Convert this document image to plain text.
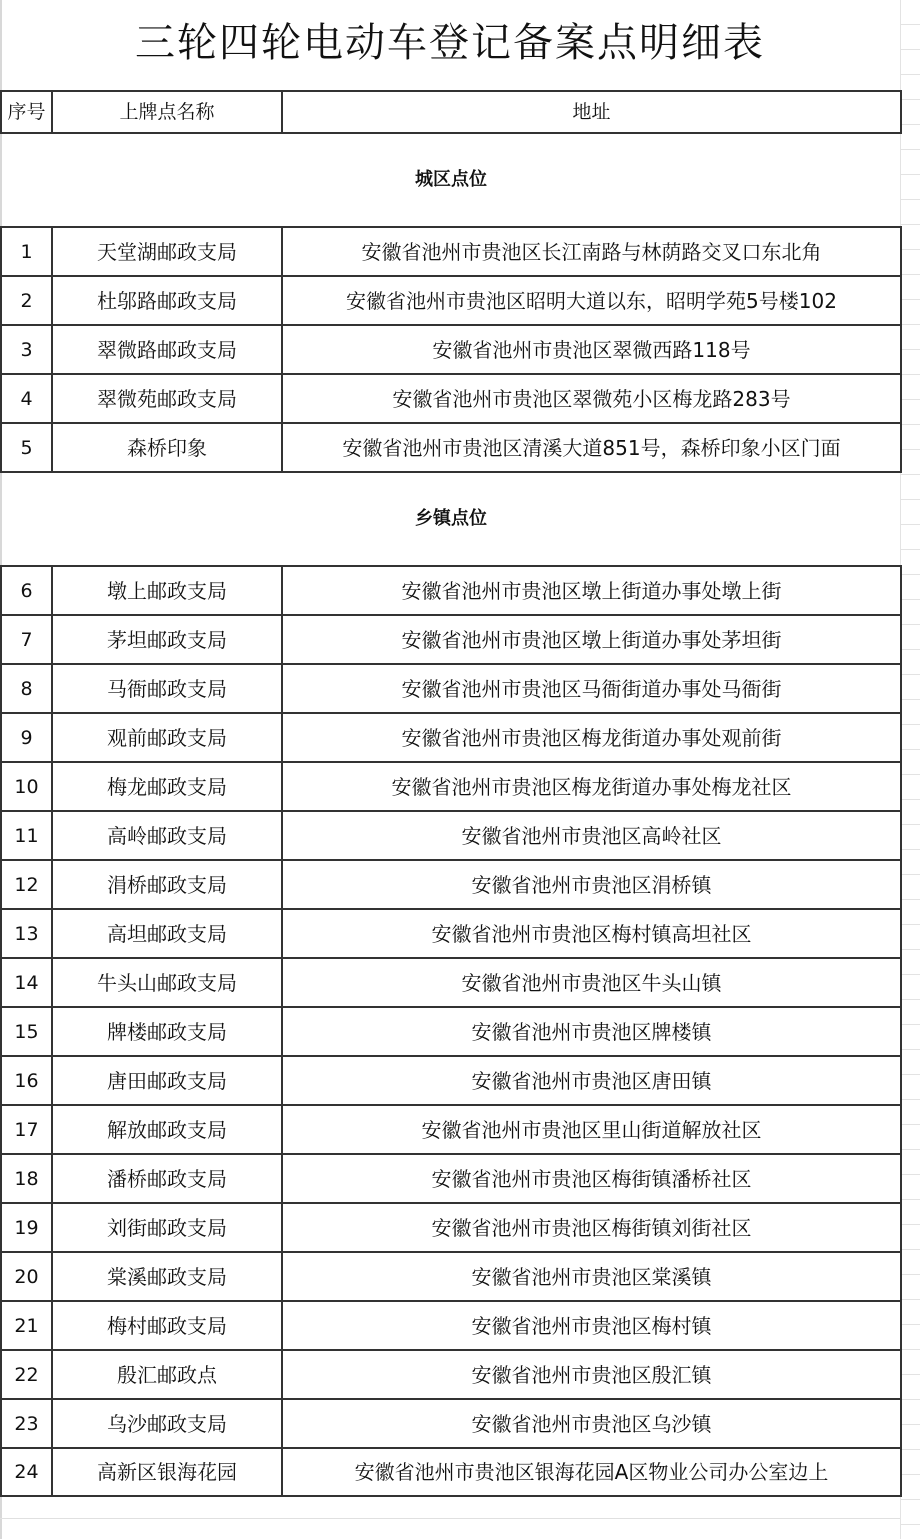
三轮四轮电动车登记备案点明细表
序号	上牌点名称	地址
城区点位		
1	天堂湖邮政支局	安徽省池州市贵池区长江南路与林荫路交叉口东北角
2	杜邬路邮政支局	安徽省池州市贵池区昭明大道以东，昭明学苑5号楼102
3	翠微路邮政支局	安徽省池州市贵池区翠微西路118号
4	翠微苑邮政支局	安徽省池州市贵池区翠微苑小区梅龙路283号
5	森桥印象	安徽省池州市贵池区清溪大道851号，森桥印象小区门面
乡镇点位		
6	墩上邮政支局	安徽省池州市贵池区墩上街道办事处墩上街
7	茅坦邮政支局	安徽省池州市贵池区墩上街道办事处茅坦街
8	马衙邮政支局	安徽省池州市贵池区马衙街道办事处马衙街
9	观前邮政支局	安徽省池州市贵池区梅龙街道办事处观前街
10	梅龙邮政支局	安徽省池州市贵池区梅龙街道办事处梅龙社区
11	高岭邮政支局	安徽省池州市贵池区高岭社区
12	涓桥邮政支局	安徽省池州市贵池区涓桥镇
13	高坦邮政支局	安徽省池州市贵池区梅村镇高坦社区
14	牛头山邮政支局	安徽省池州市贵池区牛头山镇
15	牌楼邮政支局	安徽省池州市贵池区牌楼镇
16	唐田邮政支局	安徽省池州市贵池区唐田镇
17	解放邮政支局	安徽省池州市贵池区里山街道解放社区
18	潘桥邮政支局	安徽省池州市贵池区梅街镇潘桥社区
19	刘街邮政支局	安徽省池州市贵池区梅街镇刘街社区
20	棠溪邮政支局	安徽省池州市贵池区棠溪镇
21	梅村邮政支局	安徽省池州市贵池区梅村镇
22	殷汇邮政点	安徽省池州市贵池区殷汇镇
23	乌沙邮政支局	安徽省池州市贵池区乌沙镇
24	高新区银海花园	安徽省池州市贵池区银海花园A区物业公司办公室边上
